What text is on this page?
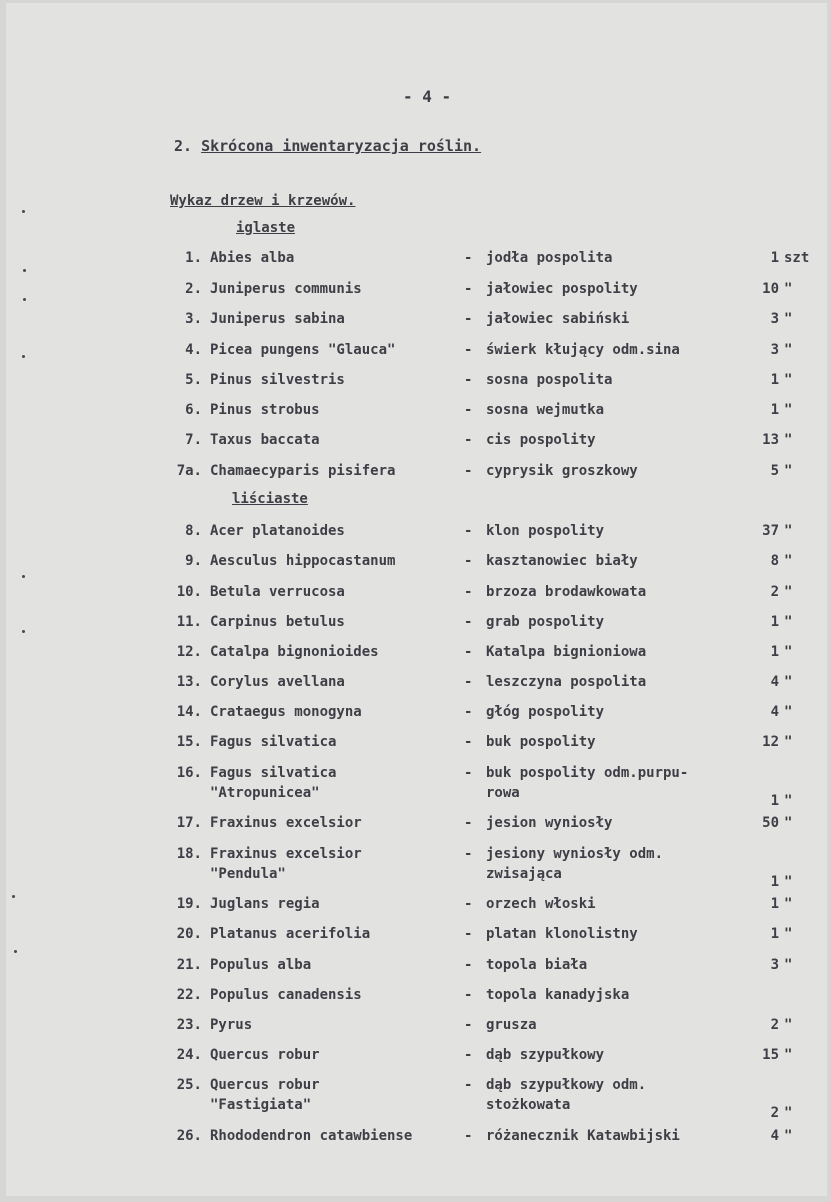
- 4 -
2. Skrócona inwentaryzacja roślin.
Wykaz drzew i krzewów.
iglaste
1. Abies alba	- jodła pospolita	1 szt
2. Juniperus communis	- jałowiec pospolity	10 "
3. Juniperus sabina	- jałowiec sabiński	3 "
4. Picea pungens "Glauca"	- świerk kłujący odm.sina	3 "
5. Pinus silvestris	- sosna pospolita	1 "
6. Pinus strobus	- sosna wejmutka	1 "
7. Taxus baccata	- cis pospolity	13 "
7a. Chamaecyparis pisifera	- cyprysik groszkowy	5 "
liściaste
8. Acer platanoides	- klon pospolity	37 "
9. Aesculus hippocastanum	- kasztanowiec biały	8 "
10. Betula verrucosa	- brzoza brodawkowata	2 "
11. Carpinus betulus	- grab pospolity	1 "
12. Catalpa bignonioides	- Katalpa bignioniowa	1 "
13. Corylus avellana	- leszczyna pospolita	4 "
14. Crataegus monogyna	- głóg pospolity	4 "
15. Fagus silvatica	- buk pospolity	12 "
16. Fagus silvatica	- buk pospolity odm.purpu-
1 "
"Atropunicea"	rowa
17. Fraxinus excelsior	- jesion wyniosły	50 "
18. Fraxinus excelsior	- jesiony wyniosły odm.
1 "
"Pendula"	zwisająca
19. Juglans regia	- orzech włoski	1 "
20. Platanus acerifolia	- platan klonolistny	1 "
21. Populus alba	- topola biała	3 "
22. Populus canadensis	- topola kanadyjska
23. Pyrus	- grusza	2 "
24. Quercus robur	- dąb szypułkowy	15 "
25. Quercus robur	- dąb szypułkowy odm.
2 "
"Fastigiata"	stożkowata
26. Rhododendron catawbiense	- różanecznik Katawbijski	4 "
